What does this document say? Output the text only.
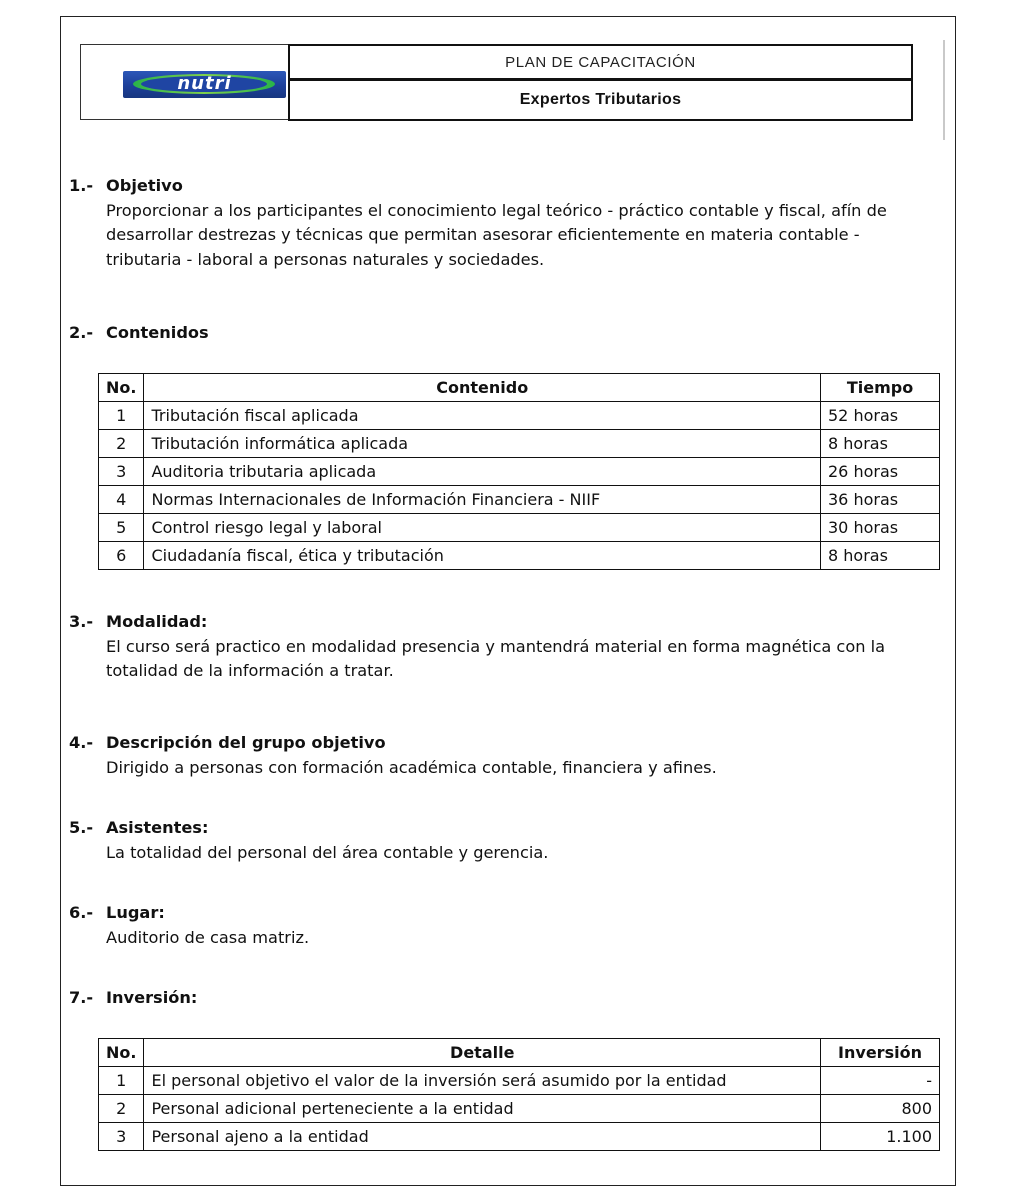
nutri
PLAN DE CAPACITACIÓN
Expertos Tributarios
1.- Objetivo
Proporcionar a los participantes el conocimiento legal teórico - práctico contable y fiscal, afín de
desarrollar destrezas y técnicas que permitan asesorar eficientemente en materia contable -
tributaria - laboral a personas naturales y sociedades.
2.- Contenidos
No.	Contenido	Tiempo
1	Tributación fiscal aplicada	52 horas
2	Tributación informática aplicada	8 horas
3	Auditoria tributaria aplicada	26 horas
4	Normas Internacionales de Información Financiera - NIIF	36 horas
5	Control riesgo legal y laboral	30 horas
6	Ciudadanía fiscal, ética y tributación	8 horas
3.- Modalidad:
El curso será practico en modalidad presencia y mantendrá material en forma magnética con la
totalidad de la información a tratar.
4.- Descripción del grupo objetivo
Dirigido a personas con formación académica contable, financiera y afines.
5.- Asistentes:
La totalidad del personal del área contable y gerencia.
6.- Lugar:
Auditorio de casa matriz.
7.- Inversión:
No.	Detalle	Inversión
1	El personal objetivo el valor de la inversión será asumido por la entidad	-
2	Personal adicional perteneciente a la entidad	800
3	Personal ajeno a la entidad	1.100
